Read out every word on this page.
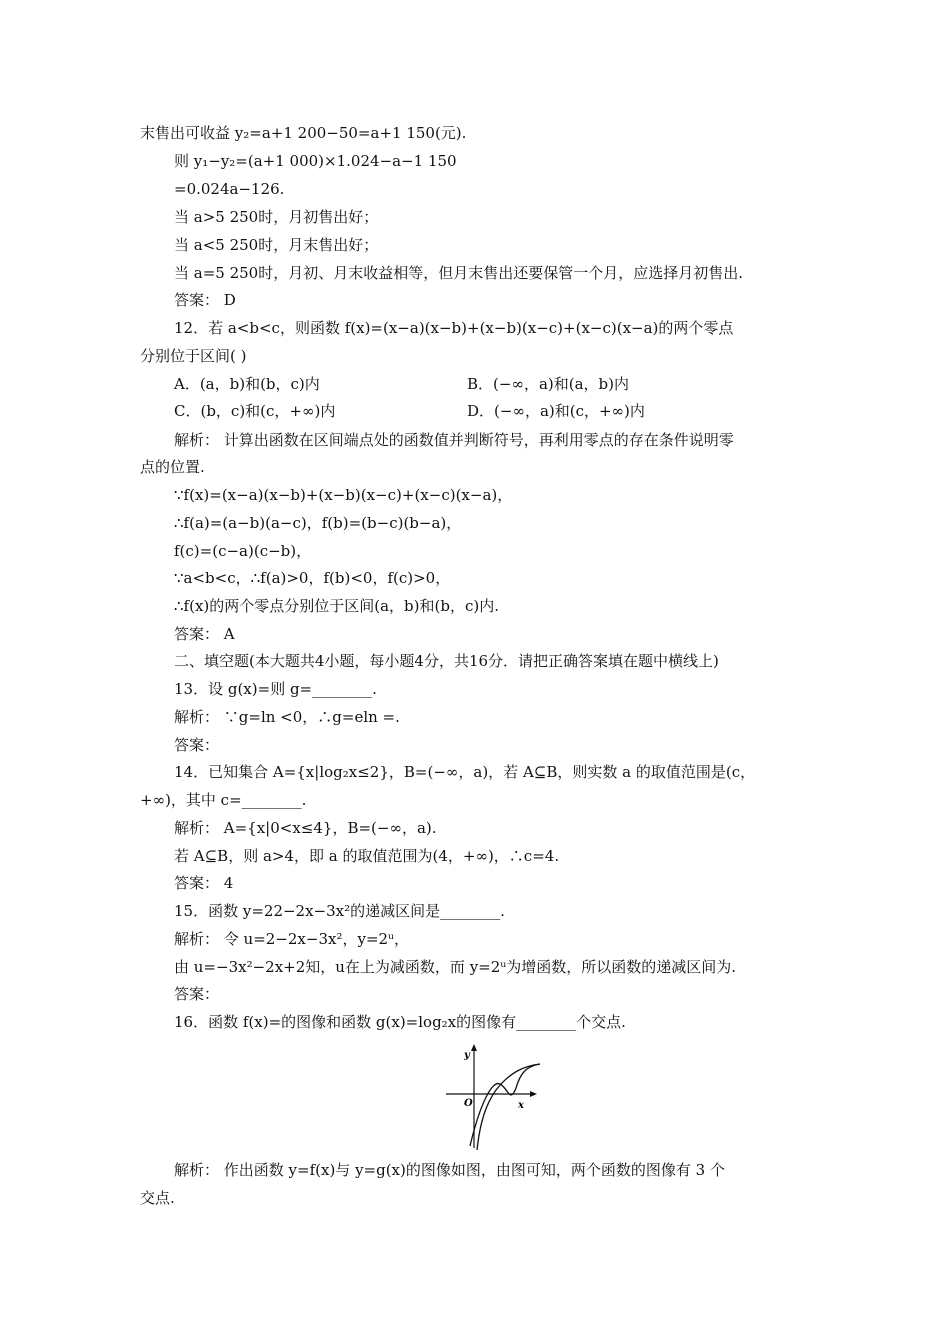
末售出可收益 y₂=a+1 200−50=a+1 150(元).
则 y₁−y₂=(a+1 000)×1.024−a−1 150
=0.024a−126.
当 a>5 250时，月初售出好；
当 a<5 250时，月末售出好；
当 a=5 250时，月初、月末收益相等，但月末售出还要保管一个月，应选择月初售出.
答案： D
12．若 a<b<c，则函数 f(x)=(x−a)(x−b)+(x−b)(x−c)+(x−c)(x−a)的两个零点
分别位于区间( )
A．(a，b)和(b，c)内	B．(−∞，a)和(a，b)内
C．(b，c)和(c，+∞)内	D．(−∞，a)和(c，+∞)内
解析： 计算出函数在区间端点处的函数值并判断符号，再利用零点的存在条件说明零
点的位置.
∵f(x)=(x−a)(x−b)+(x−b)(x−c)+(x−c)(x−a)，
∴f(a)=(a−b)(a−c)，f(b)=(b−c)(b−a)，
f(c)=(c−a)(c−b)，
∵a<b<c，∴f(a)>0，f(b)<0，f(c)>0，
∴f(x)的两个零点分别位于区间(a，b)和(b，c)内.
答案： A
二、填空题(本大题共4小题，每小题4分，共16分．请把正确答案填在题中横线上)
13．设 g(x)=则 g=________.
解析： ∵g=ln <0，∴g=eln =.
答案：
14．已知集合 A={x|log₂x≤2}，B=(−∞，a)，若 A⊆B，则实数 a 的取值范围是(c，
+∞)，其中 c=________.
解析： A={x|0<x≤4}，B=(−∞，a).
若 A⊆B，则 a>4，即 a 的取值范围为(4，+∞)，∴c=4.
答案： 4
15．函数 y=22−2x−3x²的递减区间是________.
解析： 令 u=2−2x−3x²，y=2ᵘ，
由 u=−3x²−2x+2知，u在上为减函数，而 y=2ᵘ为增函数，所以函数的递减区间为.
答案：
16．函数 f(x)=的图像和函数 g(x)=log₂x的图像有________个交点.
y
x
O
解析： 作出函数 y=f(x)与 y=g(x)的图像如图，由图可知，两个函数的图像有 3 个
交点.
